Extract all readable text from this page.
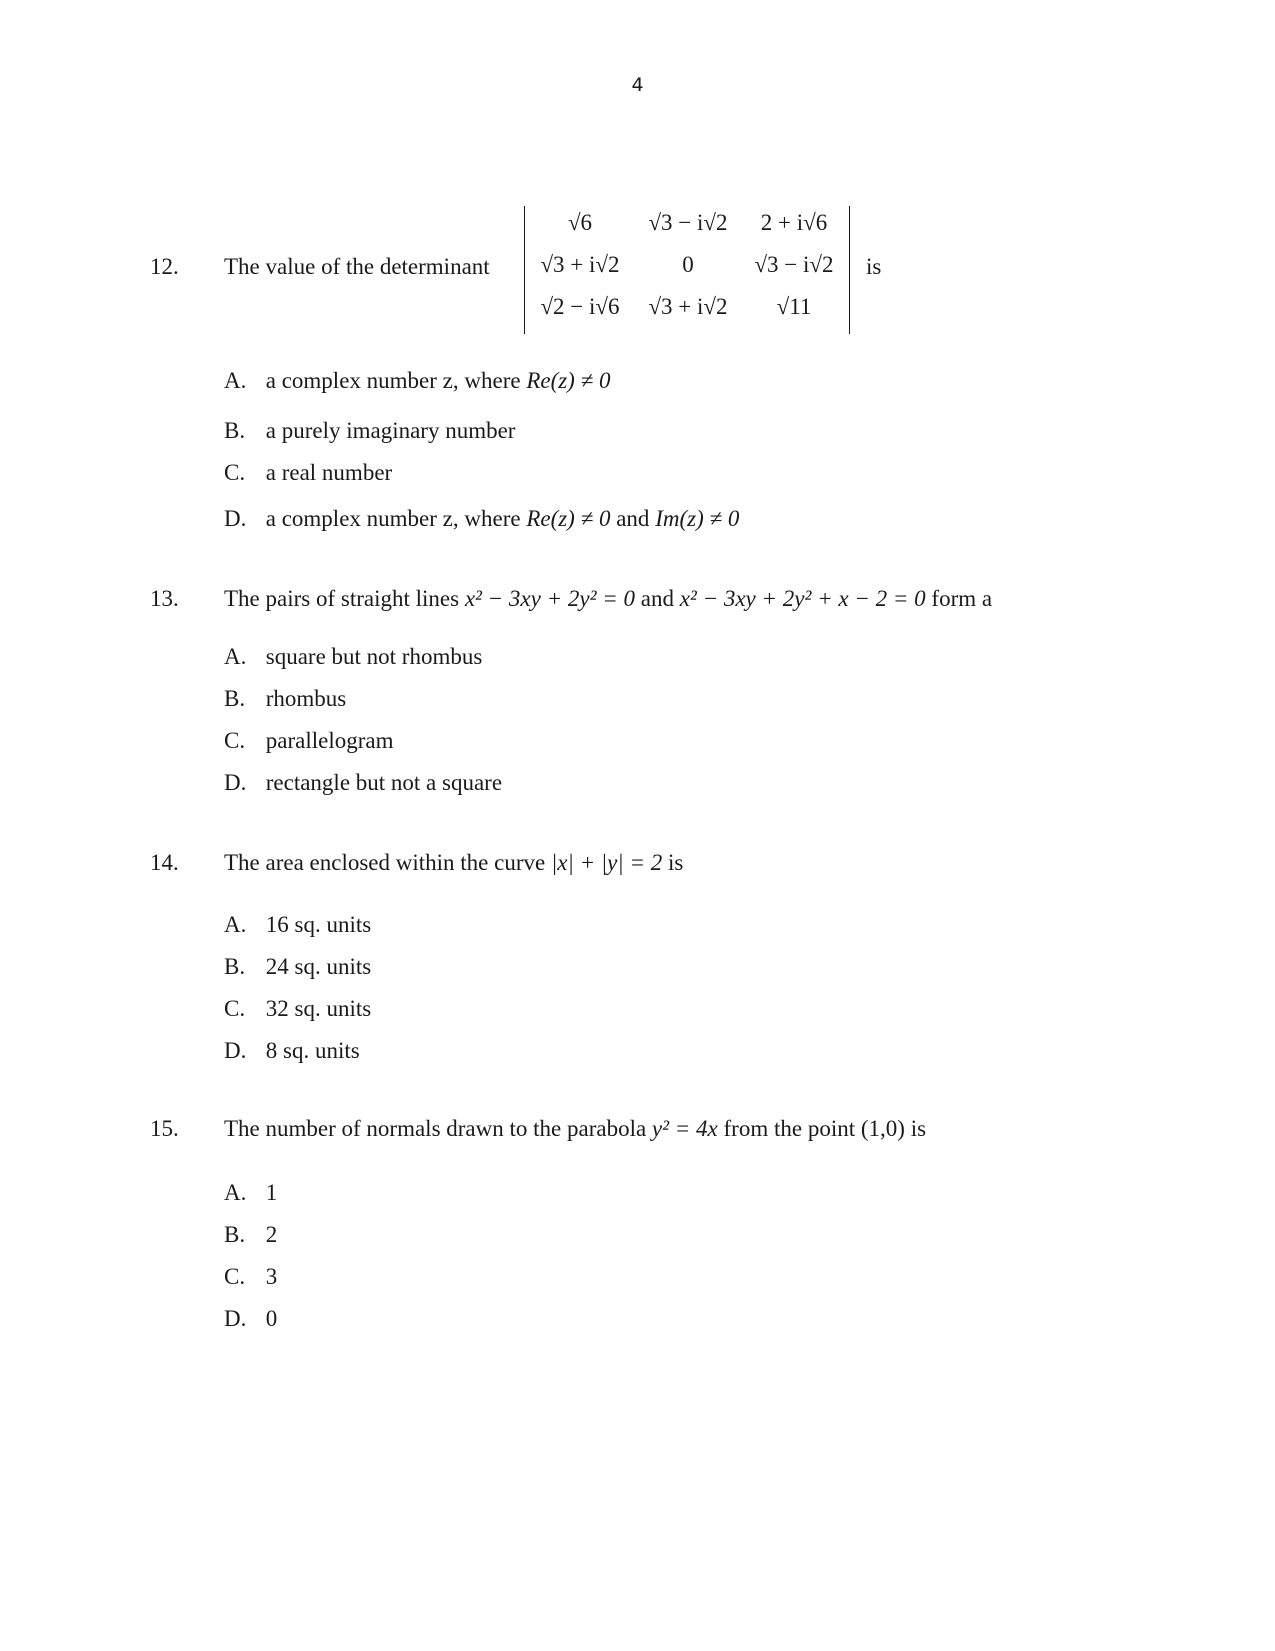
4
12. The value of the determinant
√6	√3 − i√2	2 + i√6
√3 + i√2	0	√3 − i√2
√2 − i√6	√3 + i√2	√11
is
A. a complex number z, where Re(z) ≠ 0
B. a purely imaginary number
C. a real number
D. a complex number z, where Re(z) ≠ 0 and Im(z) ≠ 0
13. The pairs of straight lines x² − 3xy + 2y² = 0 and x² − 3xy + 2y² + x − 2 = 0 form a
A. square but not rhombus
B. rhombus
C. parallelogram
D. rectangle but not a square
14. The area enclosed within the curve |x| + |y| = 2 is
A. 16 sq. units
B. 24 sq. units
C. 32 sq. units
D. 8 sq. units
15. The number of normals drawn to the parabola y² = 4x from the point (1,0) is
A. 1
B. 2
C. 3
D. 0
